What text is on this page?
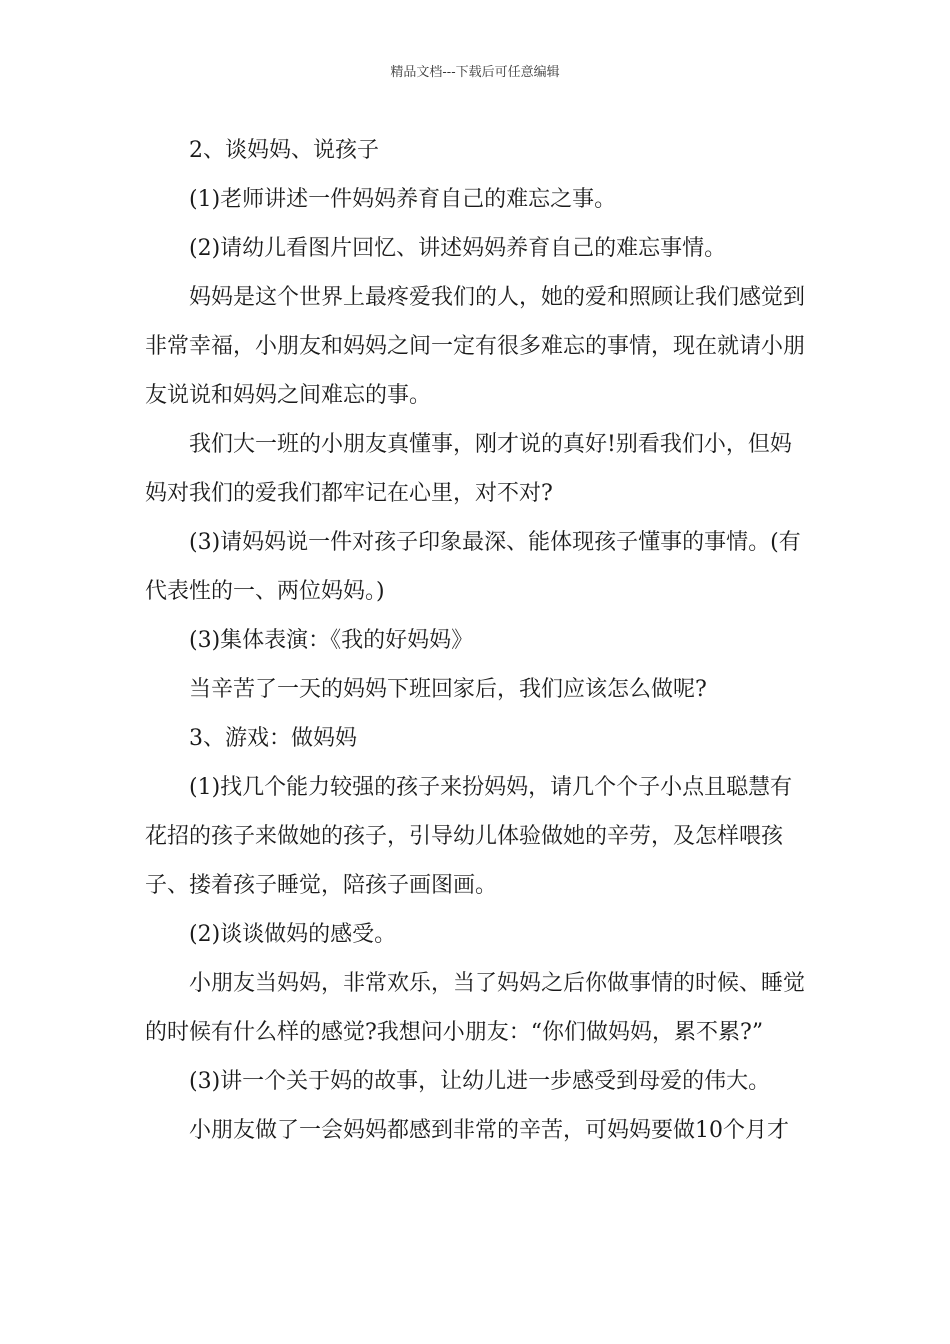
精品文档---下载后可任意编辑

2、谈妈妈、说孩子

(1)老师讲述一件妈妈养育自己的难忘之事。

(2)请幼儿看图片回忆、讲述妈妈养育自己的难忘事情。

妈妈是这个世界上最疼爱我们的人，她的爱和照顾让我们感觉到非常幸福，小朋友和妈妈之间一定有很多难忘的事情，现在就请小朋友说说和妈妈之间难忘的事。

我们大一班的小朋友真懂事，刚才说的真好!别看我们小，但妈妈对我们的爱我们都牢记在心里，对不对?

(3)请妈妈说一件对孩子印象最深、能体现孩子懂事的事情。(有代表性的一、两位妈妈。)

(3)集体表演：《我的好妈妈》

当辛苦了一天的妈妈下班回家后，我们应该怎么做呢?

3、游戏：做妈妈

(1)找几个能力较强的孩子来扮妈妈，请几个个子小点且聪慧有花招的孩子来做她的孩子，引导幼儿体验做她的辛劳，及怎样喂孩子、搂着孩子睡觉，陪孩子画图画。

(2)谈谈做妈的感受。

小朋友当妈妈，非常欢乐，当了妈妈之后你做事情的时候、睡觉的时候有什么样的感觉?我想问小朋友：“你们做妈妈，累不累?”

(3)讲一个关于妈的故事，让幼儿进一步感受到母爱的伟大。

小朋友做了一会妈妈都感到非常的辛苦，可妈妈要做10个月才
